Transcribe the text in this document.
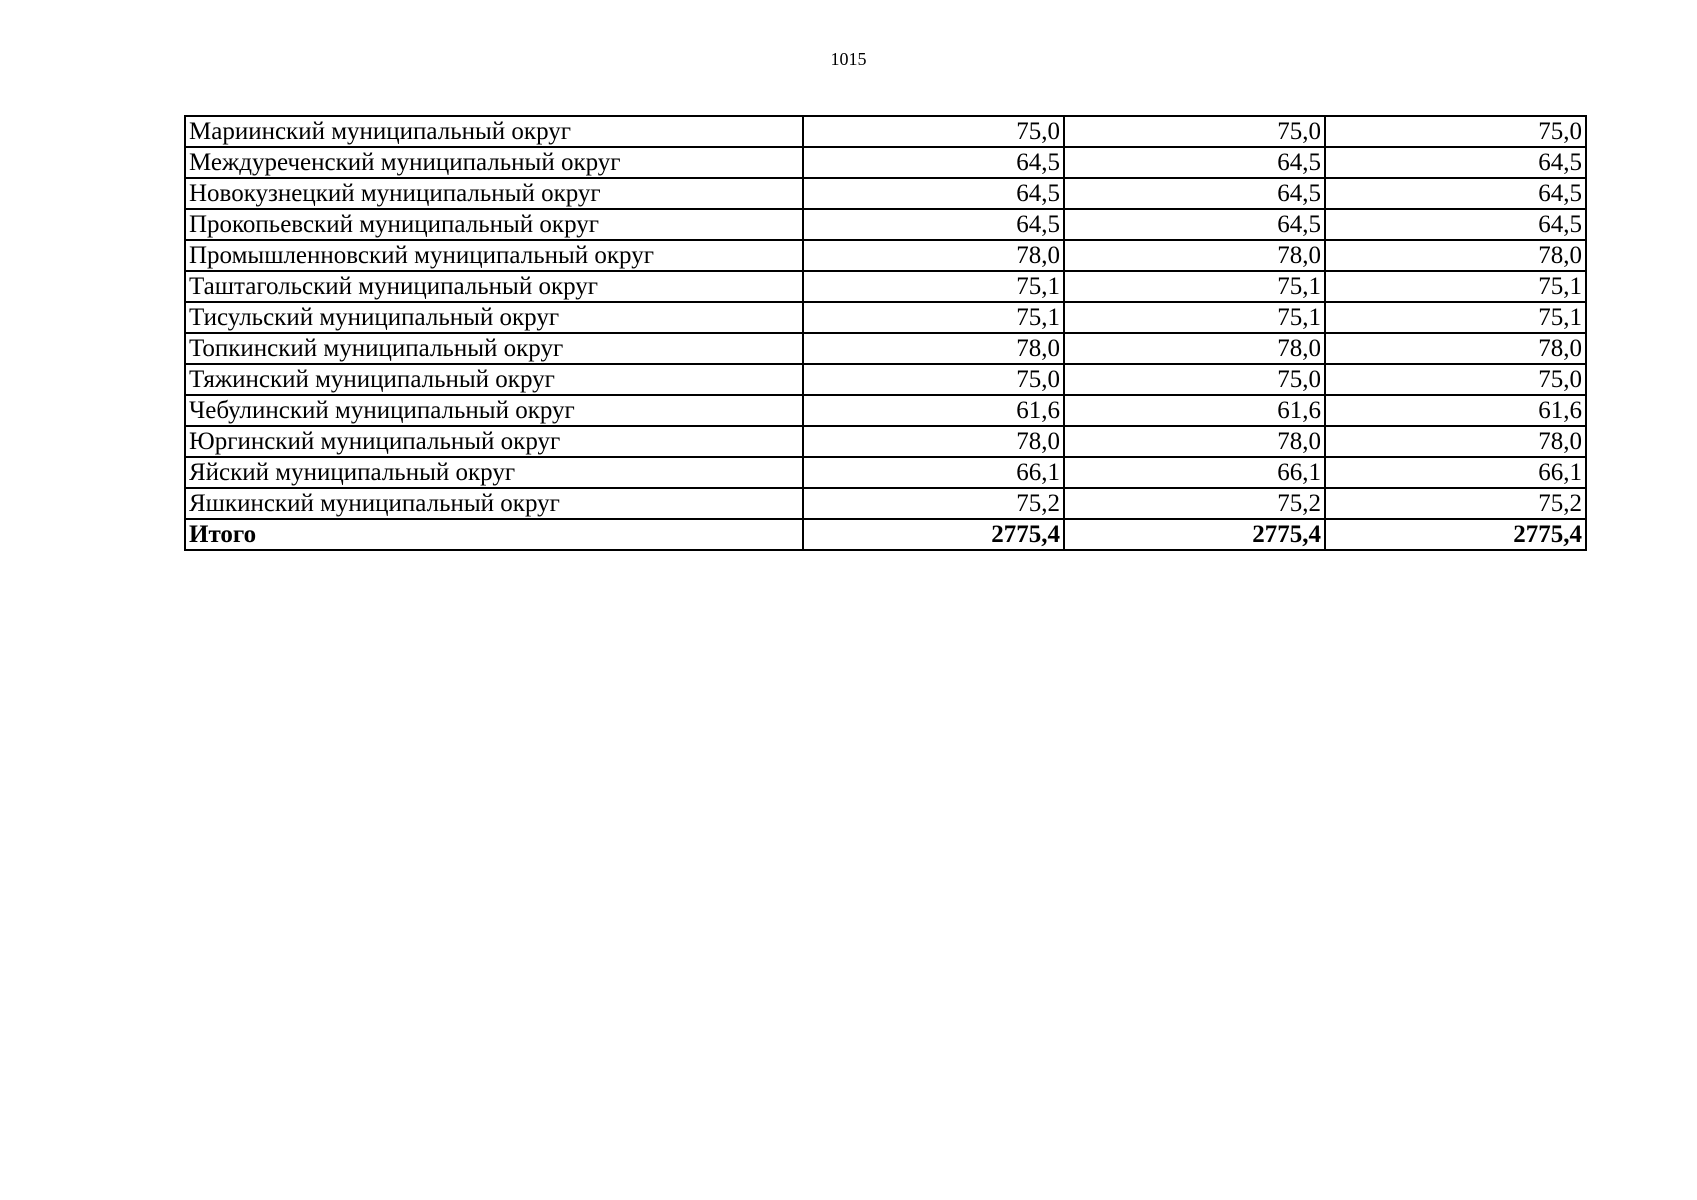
1015
Мариинский муниципальный округ	75,0	75,0	75,0
Междуреченский муниципальный округ	64,5	64,5	64,5
Новокузнецкий муниципальный округ	64,5	64,5	64,5
Прокопьевский муниципальный округ	64,5	64,5	64,5
Промышленновский муниципальный округ	78,0	78,0	78,0
Таштагольский муниципальный округ	75,1	75,1	75,1
Тисульский муниципальный округ	75,1	75,1	75,1
Топкинский муниципальный округ	78,0	78,0	78,0
Тяжинский муниципальный округ	75,0	75,0	75,0
Чебулинский муниципальный округ	61,6	61,6	61,6
Юргинский муниципальный округ	78,0	78,0	78,0
Яйский муниципальный округ	66,1	66,1	66,1
Яшкинский муниципальный округ	75,2	75,2	75,2
Итого	2775,4	2775,4	2775,4
